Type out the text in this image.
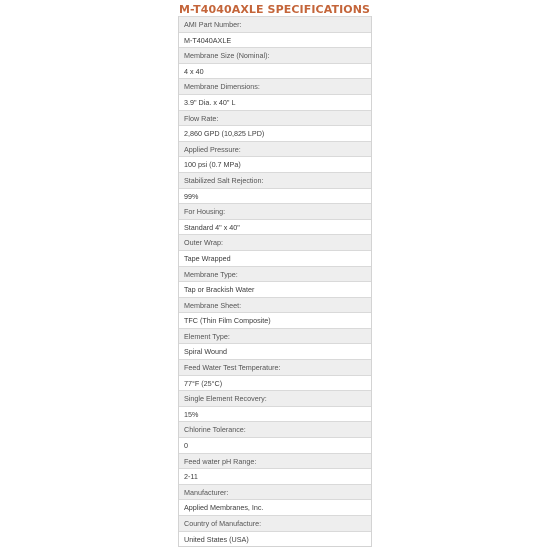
M-T4040AXLE SPECIFICATIONS
AMI Part Number:
M-T4040AXLE
Membrane Size (Nominal):
4 x 40
Membrane Dimensions:
3.9" Dia. x 40" L
Flow Rate:
2,860 GPD (10,825 LPD)
Applied Pressure:
100 psi (0.7 MPa)
Stabilized Salt Rejection:
99%
For Housing:
Standard 4" x 40"
Outer Wrap:
Tape Wrapped
Membrane Type:
Tap or Brackish Water
Membrane Sheet:
TFC (Thin Film Composite)
Element Type:
Spiral Wound
Feed Water Test Temperature:
77°F (25°C)
Single Element Recovery:
15%
Chlorine Tolerance:
0
Feed water pH Range:
2-11
Manufacturer:
Applied Membranes, Inc.
Country of Manufacture:
United States (USA)
